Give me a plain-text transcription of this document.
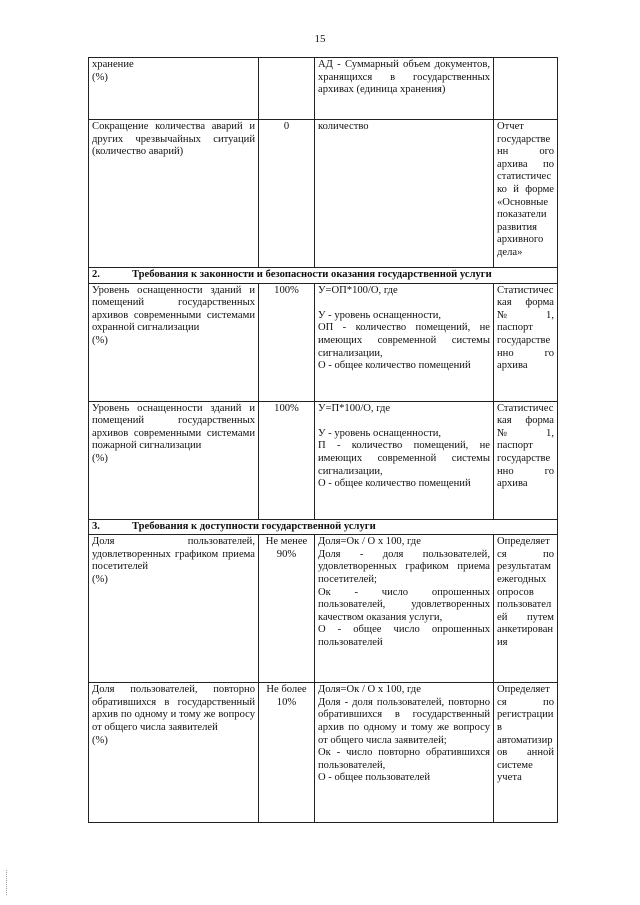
15
хранение
(%)		АД - Суммарный объем документов, хранящихся в государственных архивах (единица хранения)	
Сокращение количества аварий и других чрезвычайных ситуаций (количество аварий)	0	количество	Отчет государственн ого архива по статистическо й форме «Основные показатели развития архивного дела»
2. Требования к законности и безопасности оказания государственной услуги			
Уровень оснащенности зданий и помещений государственных архивов современными системами охранной сигнализации
(%)	100%	У=ОП*100/О, где

У - уровень оснащенности,
ОП - количество помещений, не имеющих современной системы сигнализации,
О - общее количество помещений	Статистическая форма № 1, паспорт государственно го архива
Уровень оснащенности зданий и помещений государственных архивов современными системами пожарной сигнализации
(%)	100%	У=П*100/О, где

У - уровень оснащенности,
П - количество помещений, не имеющих современной системы сигнализации,
О - общее количество помещений	Статистическая форма № 1, паспорт государственно го архива
3. Требования к доступности государственной услуги			
Доля пользователей, удовлетворенных графиком приема посетителей
(%)	Не менее 90%	Доля=Ок / О х 100, где
Доля - доля пользователей, удовлетворенных графиком приема посетителей;
Ок - число опрошенных пользователей, удовлетворенных качеством оказания услуги,
О - общее число опрошенных пользователей	Определяется по результатам ежегодных опросов пользователей путем анкетирования
Доля пользователей, повторно обратившихся в государственный архив по одному и тому же вопросу от общего числа заявителей
(%)	Не более 10%	Доля=Ок / О х 100, где
Доля - доля пользователей, повторно обратившихся в государственный архив по одному и тому же вопросу от общего числа заявителей;
Ок - число повторно обратившихся пользователей,
О - общее пользователей	Определяется по регистрации в автоматизиров анной системе учета
